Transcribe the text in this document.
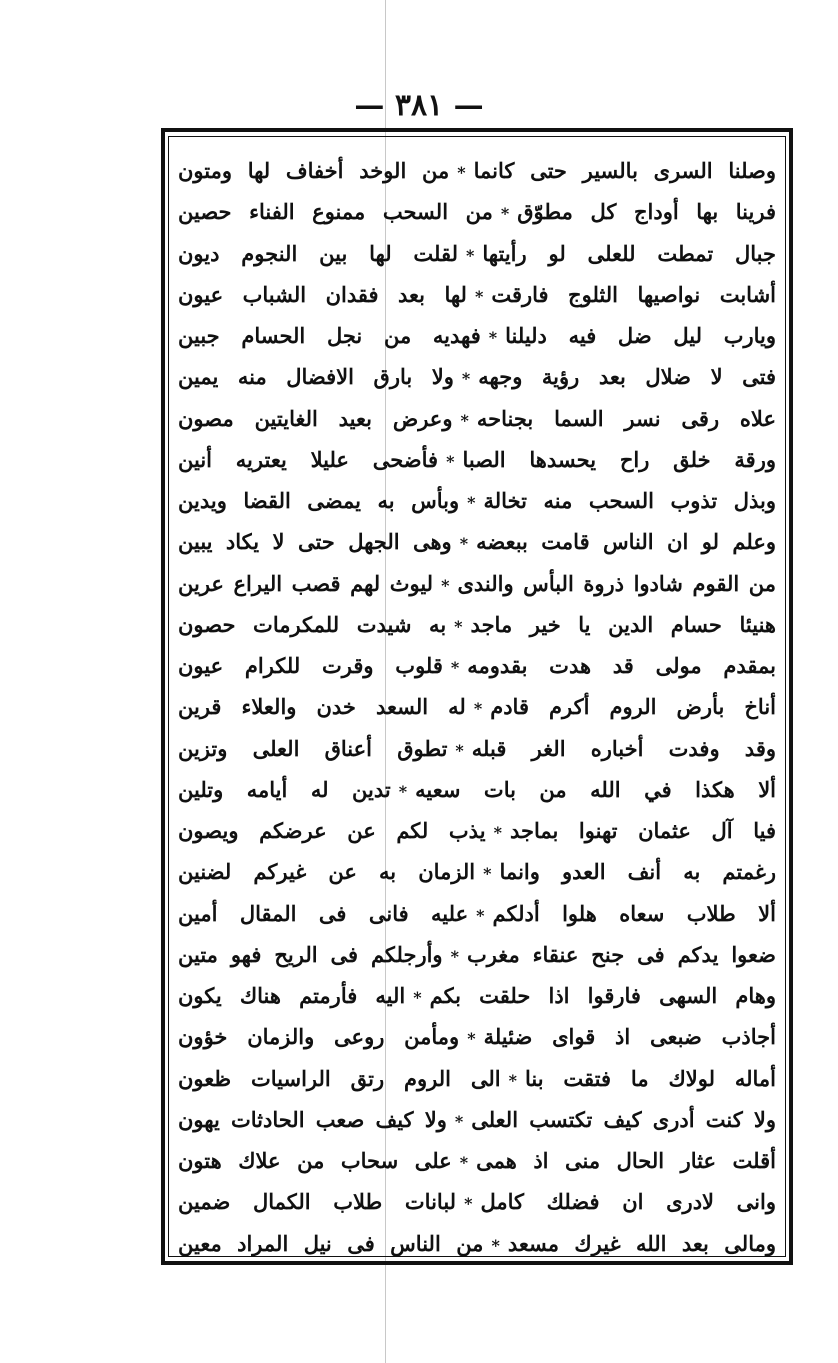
— ٣٨١ —
وصلنا السرى بالسير حتى كانما*من الوخد أخفاف لها ومتون
فرينا بها أوداج كل مطوّق*من السحب ممنوع الفناء حصين
جبال تمطت للعلى لو رأيتها*لقلت لها بين النجوم ديون
أشابت نواصيها الثلوج فارقت*لها بعد فقدان الشباب عيون
ويارب ليل ضل فيه دليلنا*فهديه من نجل الحسام جبين
فتى لا ضلال بعد رؤية وجهه*ولا بارق الافضال منه يمين
علاه رقى نسر السما بجناحه*وعرض بعيد الغايتين مصون
ورقة خلق راح يحسدها الصبا*فأضحى عليلا يعتريه أنين
وبذل تذوب السحب منه تخالة*وبأس به يمضى القضا ويدين
وعلم لو ان الناس قامت ببعضه*وهى الجهل حتى لا يكاد يبين
من القوم شادوا ذروة البأس والندى*ليوث لهم قصب اليراع عرين
هنيئا حسام الدين يا خير ماجد*به شيدت للمكرمات حصون
بمقدم مولى قد هدت بقدومه*قلوب وقرت للكرام عيون
أناخ بأرض الروم أكرم قادم*له السعد خدن والعلاء قرين
وقد وفدت أخباره الغر قبله*تطوق أعناق العلى وتزين
ألا هكذا في الله من بات سعيه*تدين له أيامه وتلين
فيا آل عثمان تهنوا بماجد*يذب لكم عن عرضكم ويصون
رغمتم به أنف العدو وانما*الزمان به عن غيركم لضنين
ألا طلاب سعاه هلوا أدلكم*عليه فانى فى المقال أمين
ضعوا يدكم فى جنح عنقاء مغرب*وأرجلكم فى الريح فهو متين
وهام السهى فارقوا اذا حلقت بكم*اليه فأرمتم هناك يكون
أجاذب ضبعى اذ قواى ضئيلة*ومأمن روعى والزمان خؤون
أماله لولاك ما فتقت بنا*الى الروم رتق الراسيات ظعون
ولا كنت أدرى كيف تكتسب العلى*ولا كيف صعب الحادثات يهون
أقلت عثار الحال منى اذ همى*على سحاب من علاك هتون
وانى لادرى ان فضلك كامل*لبانات طلاب الكمال ضمين
ومالى بعد الله غيرك مسعد*من الناس فى نيل المراد معين
